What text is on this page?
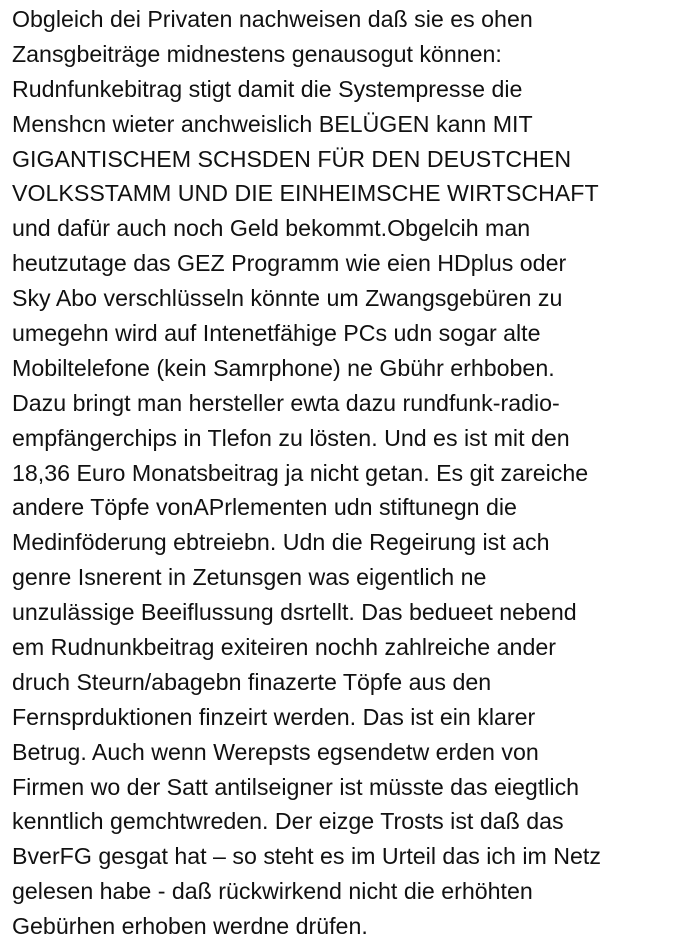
Obgleich dei Privaten nachweisen daß sie es ohen
Zansgbeiträge midnestens genausogut können:
Rudnfunkebitrag stigt damit die Systempresse die
Menshcn wieter anchweislich BELÜGEN kann MIT
GIGANTISCHEM SCHSDEN FÜR DEN DEUSTCHEN
VOLKSSTAMM UND DIE EINHEIMSCHE WIRTSCHAFT
und dafür auch noch Geld bekommt.Obgelcih man
heutzutage das GEZ Programm wie eien HDplus oder
Sky Abo verschlüsseln könnte um Zwangsgebüren zu
umegehn wird auf Intenetfähige PCs udn sogar alte
Mobiltelefone (kein Samrphone) ne Gbühr erhboben.
Dazu bringt man hersteller ewta dazu rundfunk-radio-
empfängerchips in Tlefon zu lösten. Und es ist mit den
18,36 Euro Monatsbeitrag ja nicht getan. Es git zareiche
andere Töpfe vonAPrlementen udn stiftunegn die
Medinföderung ebtreiebn. Udn die Regeirung ist ach
genre Isnerent in Zetunsgen was eigentlich ne
unzulässige Beeiflussung dsrtellt. Das bedueet nebend
em Rudnunkbeitrag exiteiren nochh zahlreiche ander
druch Steurn/abagebn finazerte Töpfe aus den
Fernsprduktionen finzeirt werden. Das ist ein klarer
Betrug. Auch wenn Werepsts egsendetw erden von
Firmen wo der Satt antilseigner ist müsste das eiegtlich
kenntlich gemchtwreden. Der eizge Trosts ist daß das
BverFG gesgat hat – so steht es im Urteil das ich im Netz
gelesen habe - daß rückwirkend nicht die erhöhten
Gebürhen erhoben werdne drüfen.
